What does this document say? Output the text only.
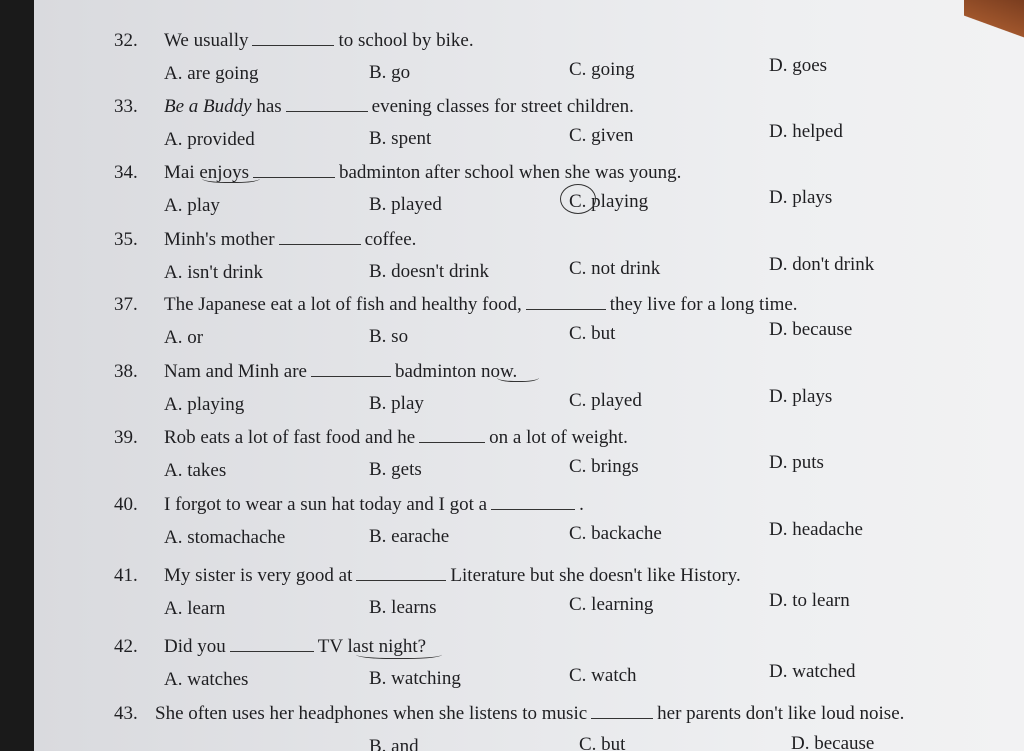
32. We usually	to school by bike.
A. are going	B. go	C. going	D. goes
33. Be a Buddy has	evening classes for street children.
A. provided	B. spent	C. given	D. helped
34. Mai enjoys	badminton after school when she was young.
A. play	B. played	C. playing	D. plays
35. Minh's mother	coffee.
A. isn't drink	B. doesn't drink	C. not drink	D. don't drink
37. The Japanese eat a lot of fish and healthy food,	they live for a long time.
A. or	B. so	C. but	D. because
38. Nam and Minh are	badminton now.
A. playing	B. play	C. played	D. plays
39. Rob eats a lot of fast food and he	on a lot of weight.
A. takes	B. gets	C. brings	D. puts
40. I forgot to wear a sun hat today and I got a	.
A. stomachache	B. earache	C. backache	D. headache
41. My sister is very good at	Literature but she doesn't like History.
A. learn	B. learns	C. learning	D. to learn
42. Did you	TV last night?
A. watches	B. watching	C. watch	D. watched
43. She often uses her headphones when she listens to music	her parents don't like loud noise.
B. and	C. but	D. because
